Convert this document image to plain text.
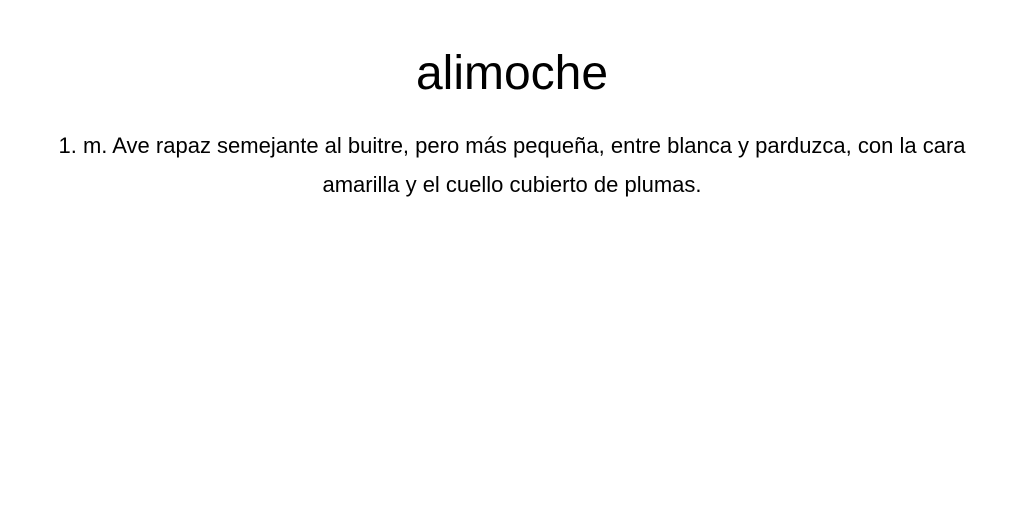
alimoche

1. m. Ave rapaz semejante al buitre, pero más pequeña, entre blanca y parduzca, con la cara amarilla y el cuello cubierto de plumas.
